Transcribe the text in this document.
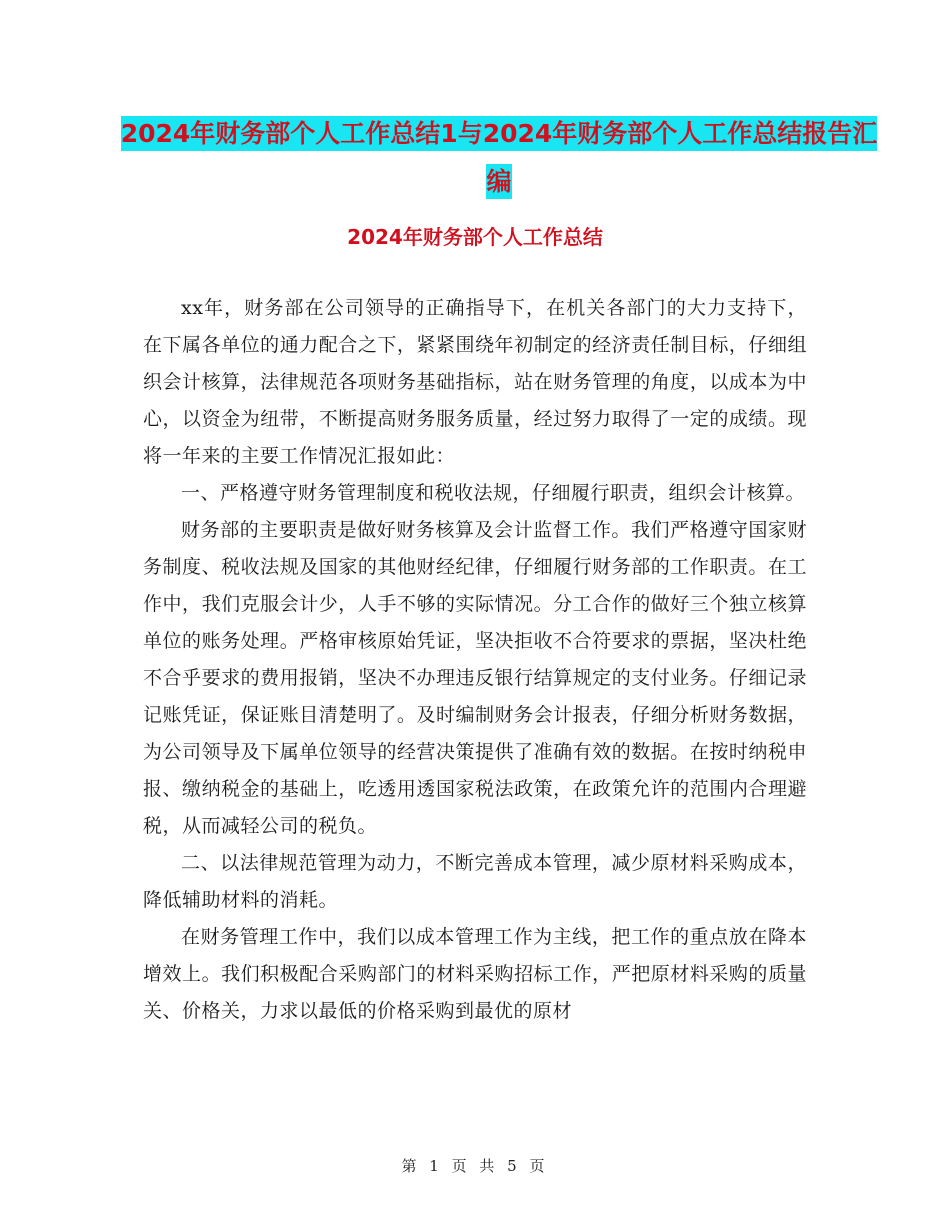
2024年财务部个人工作总结1与2024年财务部个人工作总结报告汇编
2024年财务部个人工作总结

xx年，财务部在公司领导的正确指导下，在机关各部门的大力支持下，在下属各单位的通力配合之下，紧紧围绕年初制定的经济责任制目标，仔细组织会计核算，法律规范各项财务基础指标，站在财务管理的角度，以成本为中心，以资金为纽带，不断提高财务服务质量，经过努力取得了一定的成绩。现将一年来的主要工作情况汇报如此：

一、严格遵守财务管理制度和税收法规，仔细履行职责，组织会计核算。

财务部的主要职责是做好财务核算及会计监督工作。我们严格遵守国家财务制度、税收法规及国家的其他财经纪律，仔细履行财务部的工作职责。在工作中，我们克服会计少，人手不够的实际情况。分工合作的做好三个独立核算单位的账务处理。严格审核原始凭证，坚决拒收不合符要求的票据，坚决杜绝不合乎要求的费用报销，坚决不办理违反银行结算规定的支付业务。仔细记录记账凭证，保证账目清楚明了。及时编制财务会计报表，仔细分析财务数据，为公司领导及下属单位领导的经营决策提供了准确有效的数据。在按时纳税申报、缴纳税金的基础上，吃透用透国家税法政策，在政策允许的范围内合理避税，从而减轻公司的税负。

二、以法律规范管理为动力，不断完善成本管理，减少原材料采购成本，降低辅助材料的消耗。

在财务管理工作中，我们以成本管理工作为主线，把工作的重点放在降本增效上。我们积极配合采购部门的材料采购招标工作，严把原材料采购的质量关、价格关，力求以最低的价格采购到最优的原材

第 1 页 共 5 页
